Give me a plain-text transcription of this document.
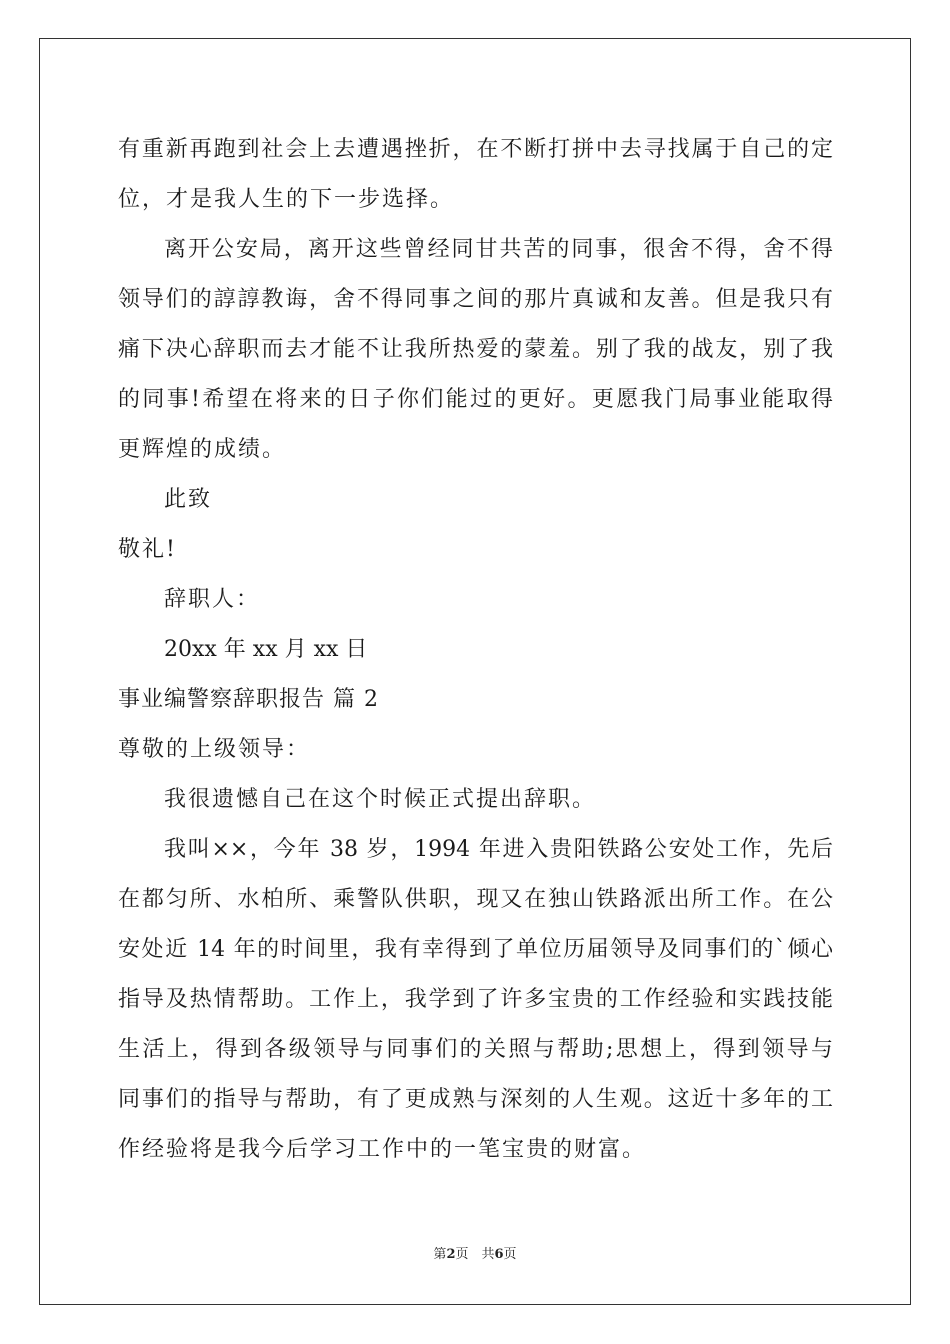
有重新再跑到社会上去遭遇挫折，在不断打拼中去寻找属于自己的定

位，才是我人生的下一步选择。

离开公安局，离开这些曾经同甘共苦的同事，很舍不得，舍不得

领导们的諄諄教诲，舍不得同事之间的那片真诚和友善。但是我只有

痛下决心辞职而去才能不让我所热爱的蒙羞。别了我的战友，别了我

的同事!希望在将来的日子你们能过的更好。更愿我门局事业能取得

更辉煌的成绩。

此致

敬礼!

辞职人：

20xx 年 xx 月 xx 日

事业编警察辞职报告 篇 2

尊敬的上级领导：

我很遗憾自己在这个时候正式提出辞职。

我叫××，今年 38 岁，1994 年进入贵阳铁路公安处工作，先后

在都匀所、水柏所、乘警队供职，现又在独山铁路派出所工作。在公

安处近 14 年的时间里，我有幸得到了单位历届领导及同事们的`倾心

指导及热情帮助。工作上，我学到了许多宝贵的工作经验和实践技能

生活上，得到各级领导与同事们的关照与帮助;思想上，得到领导与

同事们的指导与帮助，有了更成熟与深刻的人生观。这近十多年的工

作经验将是我今后学习工作中的一笔宝贵的财富。

第2页　共6页
